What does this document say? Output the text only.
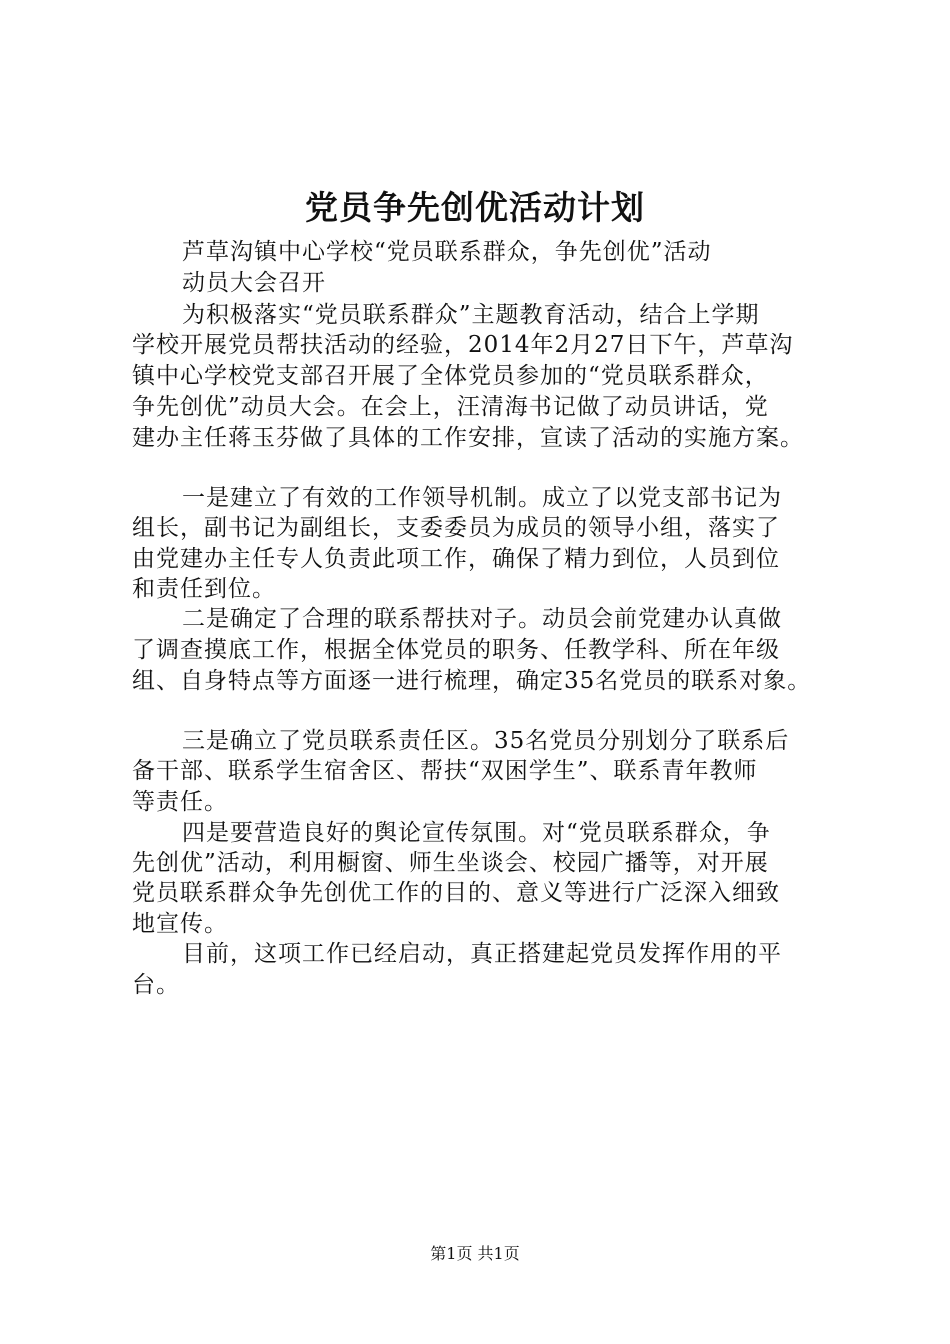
党员争先创优活动计划
芦草沟镇中心学校“党员联系群众，争先创优”活动
动员大会召开
为积极落实“党员联系群众”主题教育活动，结合上学期
学校开展党员帮扶活动的经验，2014年2月27日下午，芦草沟
镇中心学校党支部召开展了全体党员参加的“党员联系群众，
争先创优”动员大会。在会上，汪清海书记做了动员讲话，党
建办主任蒋玉芬做了具体的工作安排，宣读了活动的实施方案。
一是建立了有效的工作领导机制。成立了以党支部书记为
组长，副书记为副组长，支委委员为成员的领导小组，落实了
由党建办主任专人负责此项工作，确保了精力到位，人员到位
和责任到位。
二是确定了合理的联系帮扶对子。动员会前党建办认真做
了调查摸底工作，根据全体党员的职务、任教学科、所在年级
组、自身特点等方面逐一进行梳理，确定35名党员的联系对象。
三是确立了党员联系责任区。35名党员分别划分了联系后
备干部、联系学生宿舍区、帮扶“双困学生”、联系青年教师
等责任。
四是要营造良好的舆论宣传氛围。对“党员联系群众，争
先创优”活动，利用橱窗、师生坐谈会、校园广播等，对开展
党员联系群众争先创优工作的目的、意义等进行广泛深入细致
地宣传。
目前，这项工作已经启动，真正搭建起党员发挥作用的平
台。
第1页 共1页
